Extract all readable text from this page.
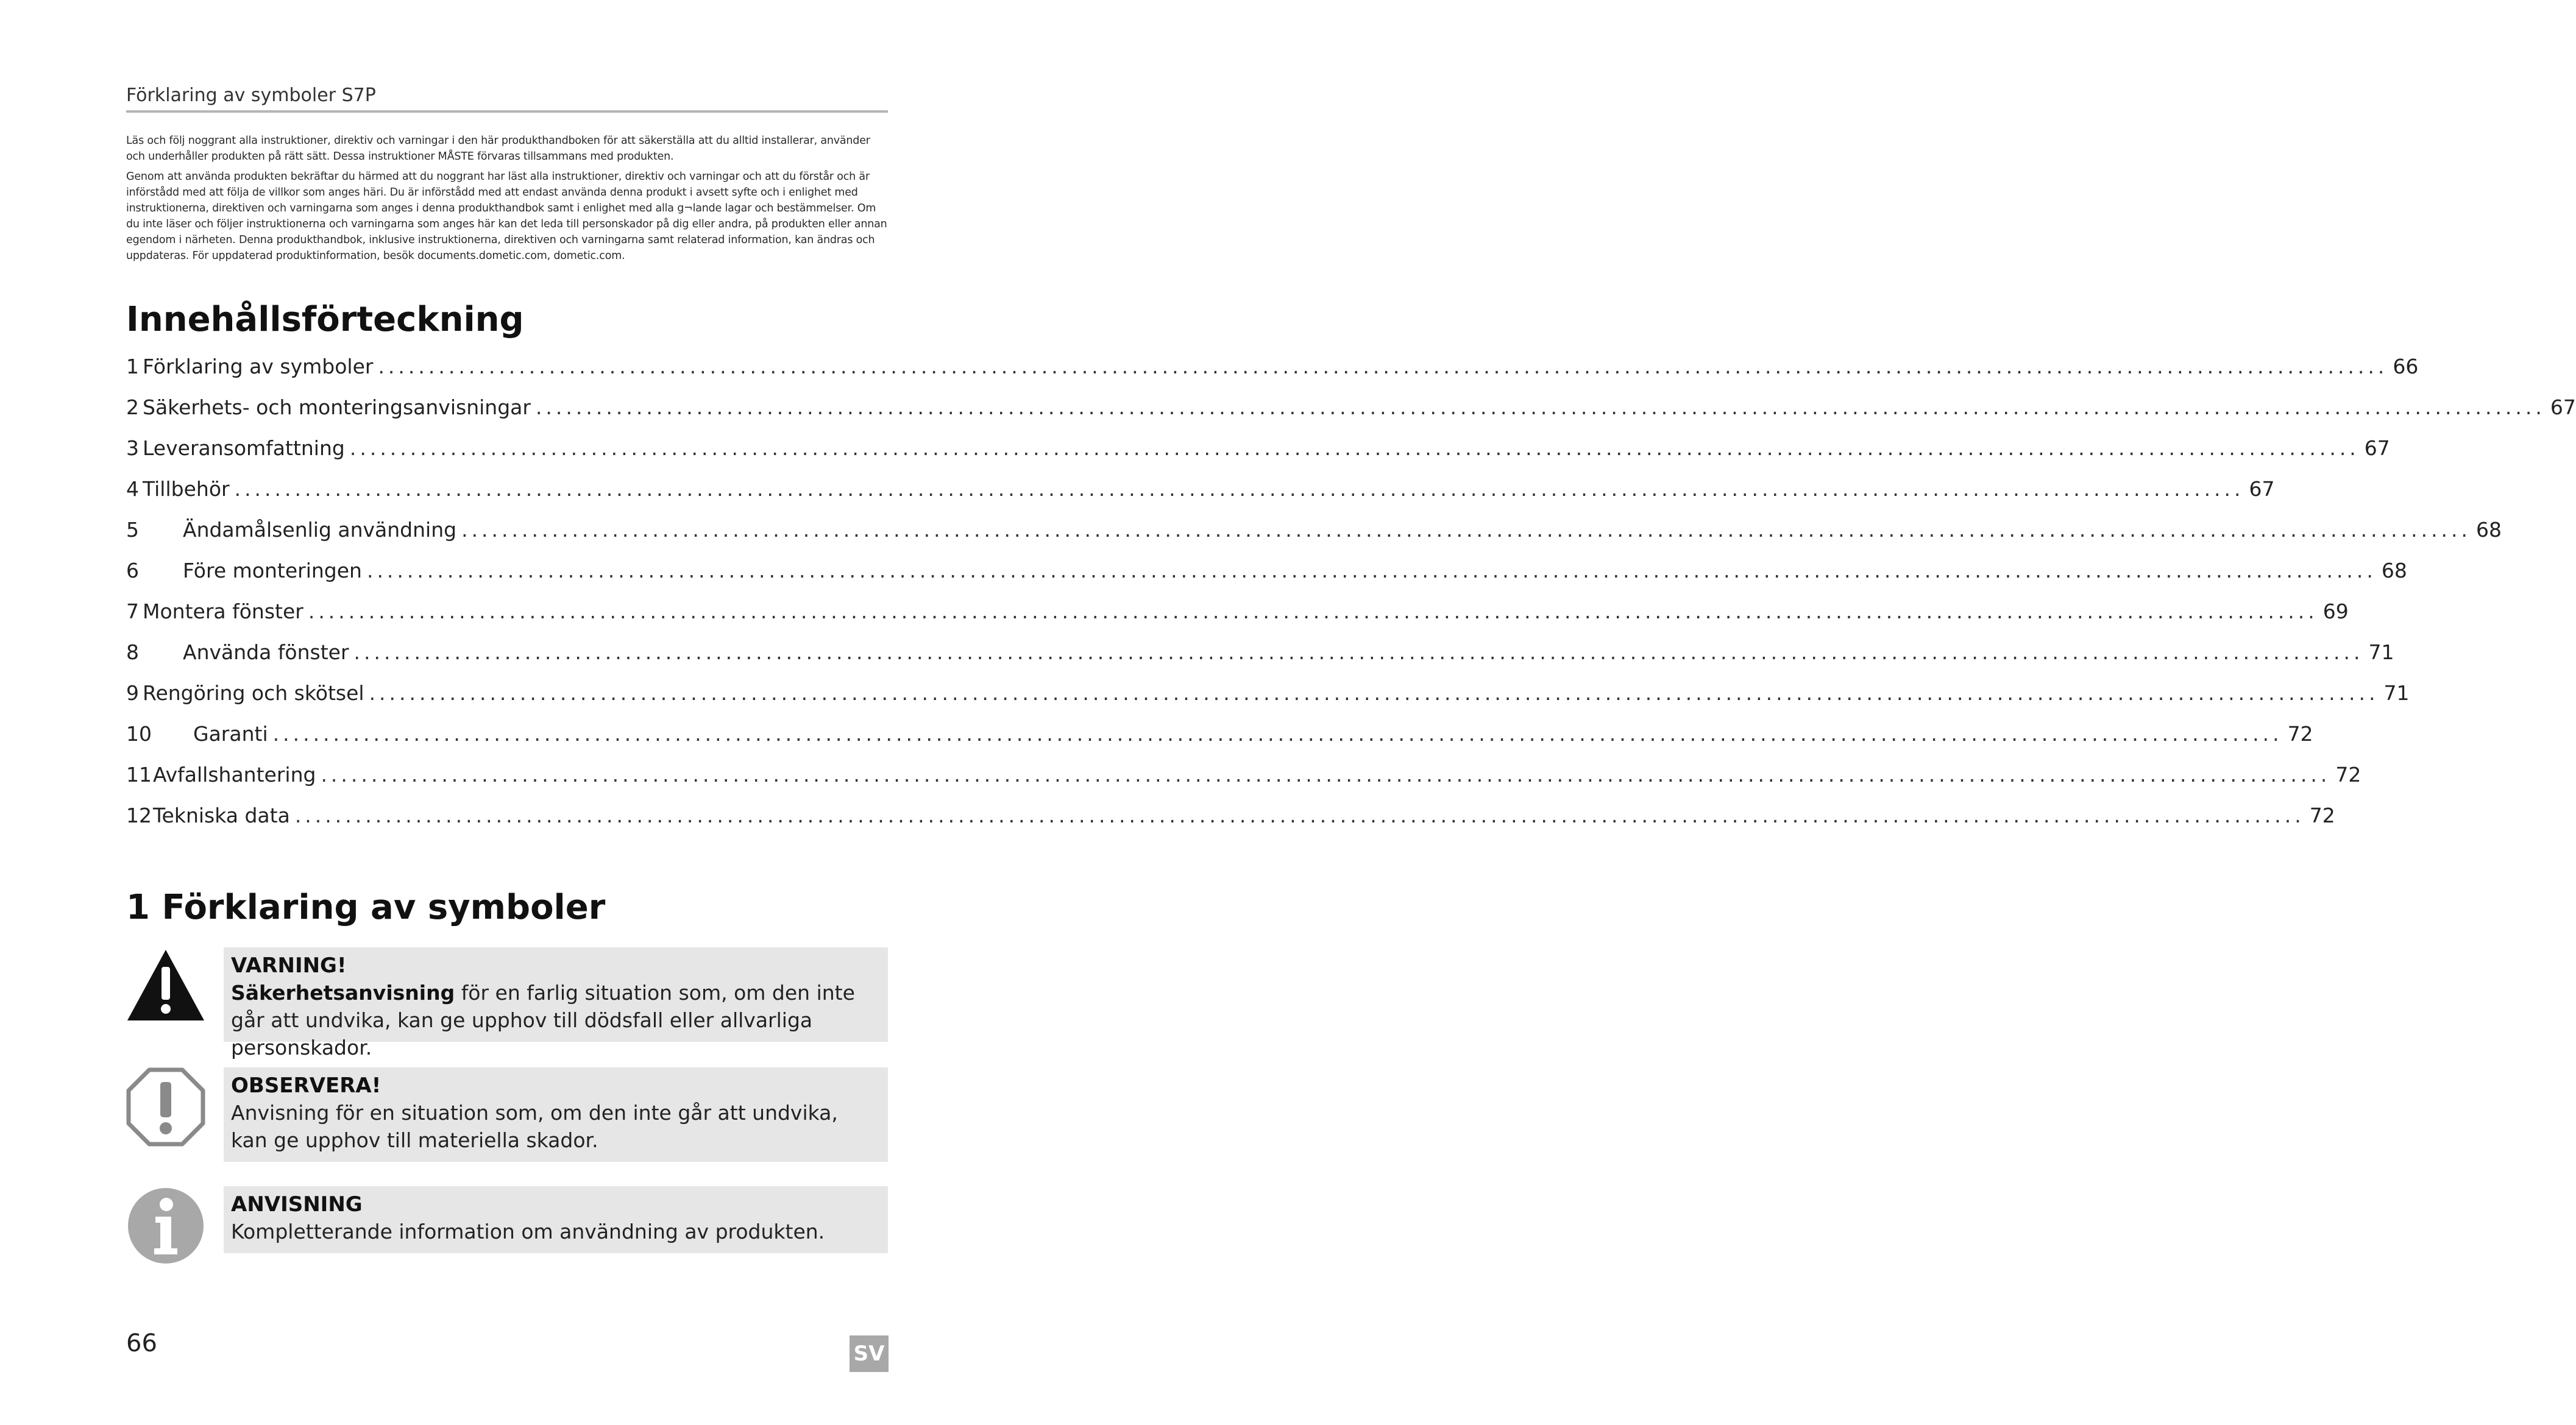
Förklaring av symboler S7P

Läs och följ noggrant alla instruktioner, direktiv och varningar i den här produkthandboken för att säkerställa att du alltid installerar, använder och underhåller produkten på rätt sätt. Dessa instruktioner MÅSTE förvaras tillsammans med produkten.

Genom att använda produkten bekräftar du härmed att du noggrant har läst alla instruktioner, direktiv och varningar och att du förstår och är införstådd med att följa de villkor som anges häri. Du är införstådd med att endast använda denna produkt i avsett syfte och i enlighet med instruktionerna, direktiven och varningarna som anges i denna produkthandbok samt i enlighet med alla g¬lande lagar och bestämmelser. Om du inte läser och följer instruktionerna och varningarna som anges här kan det leda till personskador på dig eller andra, på produkten eller annan egendom i närheten. Denna produkthandbok, inklusive instruktionerna, direktiven och varningarna samt relaterad information, kan ändras och uppdateras. För uppdaterad produktinformation, besök documents.dometic.com, dometic.com.

Innehållsförteckning
1 Förklaring av symboler ........................................................................................................................................................................................................ 66
2 Säkerhets- och monteringsanvisningar ........................................................................................................................................................................................................ 67
3 Leveransomfattning ........................................................................................................................................................................................................ 67
4 Tillbehör ........................................................................................................................................................................................................ 67
5 Ändamålsenlig användning ........................................................................................................................................................................................................ 68
6 Före monteringen ........................................................................................................................................................................................................ 68
7 Montera fönster ........................................................................................................................................................................................................ 69
8 Använda fönster ........................................................................................................................................................................................................ 71
9 Rengöring och skötsel ........................................................................................................................................................................................................ 71
10 Garanti ........................................................................................................................................................................................................ 72
11 Avfallshantering ........................................................................................................................................................................................................ 72
12 Tekniska data ........................................................................................................................................................................................................ 72
1 Förklaring av symboler
VARNING!
Säkerhetsanvisning för en farlig situation som, om den inte går att undvika, kan ge upphov till dödsfall eller allvarliga personskador.
OBSERVERA!
Anvisning för en situation som, om den inte går att undvika, kan ge upphov till materiella skador.
ANVISNING
Kompletterande information om användning av produkten.
66	SV
